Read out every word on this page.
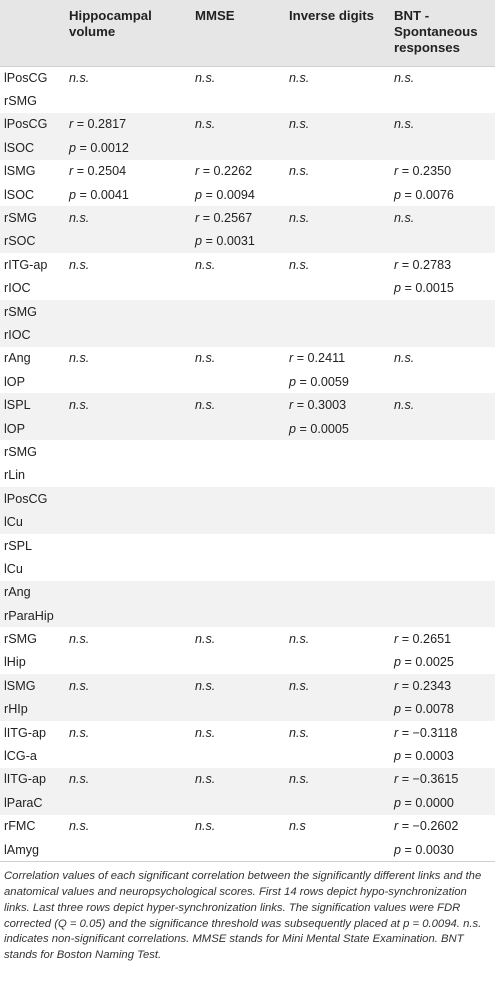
	Hippocampal volume	MMSE	Inverse digits	BNT - Spontaneous responses
lPosCG	n.s.	n.s.	n.s.	n.s.
rSMG				
lPosCG	r = 0.2817	n.s.	n.s.	n.s.
lSOC	p = 0.0012			
lSMG	r = 0.2504	r = 0.2262	n.s.	r = 0.2350
lSOC	p = 0.0041	p = 0.0094		p = 0.0076
rSMG	n.s.	r = 0.2567	n.s.	n.s.
rSOC		p = 0.0031		
rITG-ap	n.s.	n.s.	n.s.	r = 0.2783
rIOC				p = 0.0015
rSMG				
rIOC				
rAng	n.s.	n.s.	r = 0.2411	n.s.
lOP			p = 0.0059	
lSPL	n.s.	n.s.	r = 0.3003	n.s.
lOP			p = 0.0005	
rSMG				
rLin				
lPosCG				
lCu				
rSPL				
lCu				
rAng				
rParaHip				
rSMG	n.s.	n.s.	n.s.	r = 0.2651
lHip				p = 0.0025
lSMG	n.s.	n.s.	n.s.	r = 0.2343
rHIp				p = 0.0078
lITG-ap	n.s.	n.s.	n.s.	r = −0.3118
lCG-a				p = 0.0003
lITG-ap	n.s.	n.s.	n.s.	r = −0.3615
lParaC				p = 0.0000
rFMC	n.s.	n.s.	n.s	r = −0.2602
lAmyg				p = 0.0030
Correlation values of each significant correlation between the significantly different links and the anatomical values and neuropsychological scores. First 14 rows depict hypo-synchronization links. Last three rows depict hyper-synchronization links. The signification values were FDR corrected (Q = 0.05) and the significance threshold was subsequently placed at p = 0.0094. n.s. indicates non-significant correlations. MMSE stands for Mini Mental State Examination. BNT stands for Boston Naming Test.
